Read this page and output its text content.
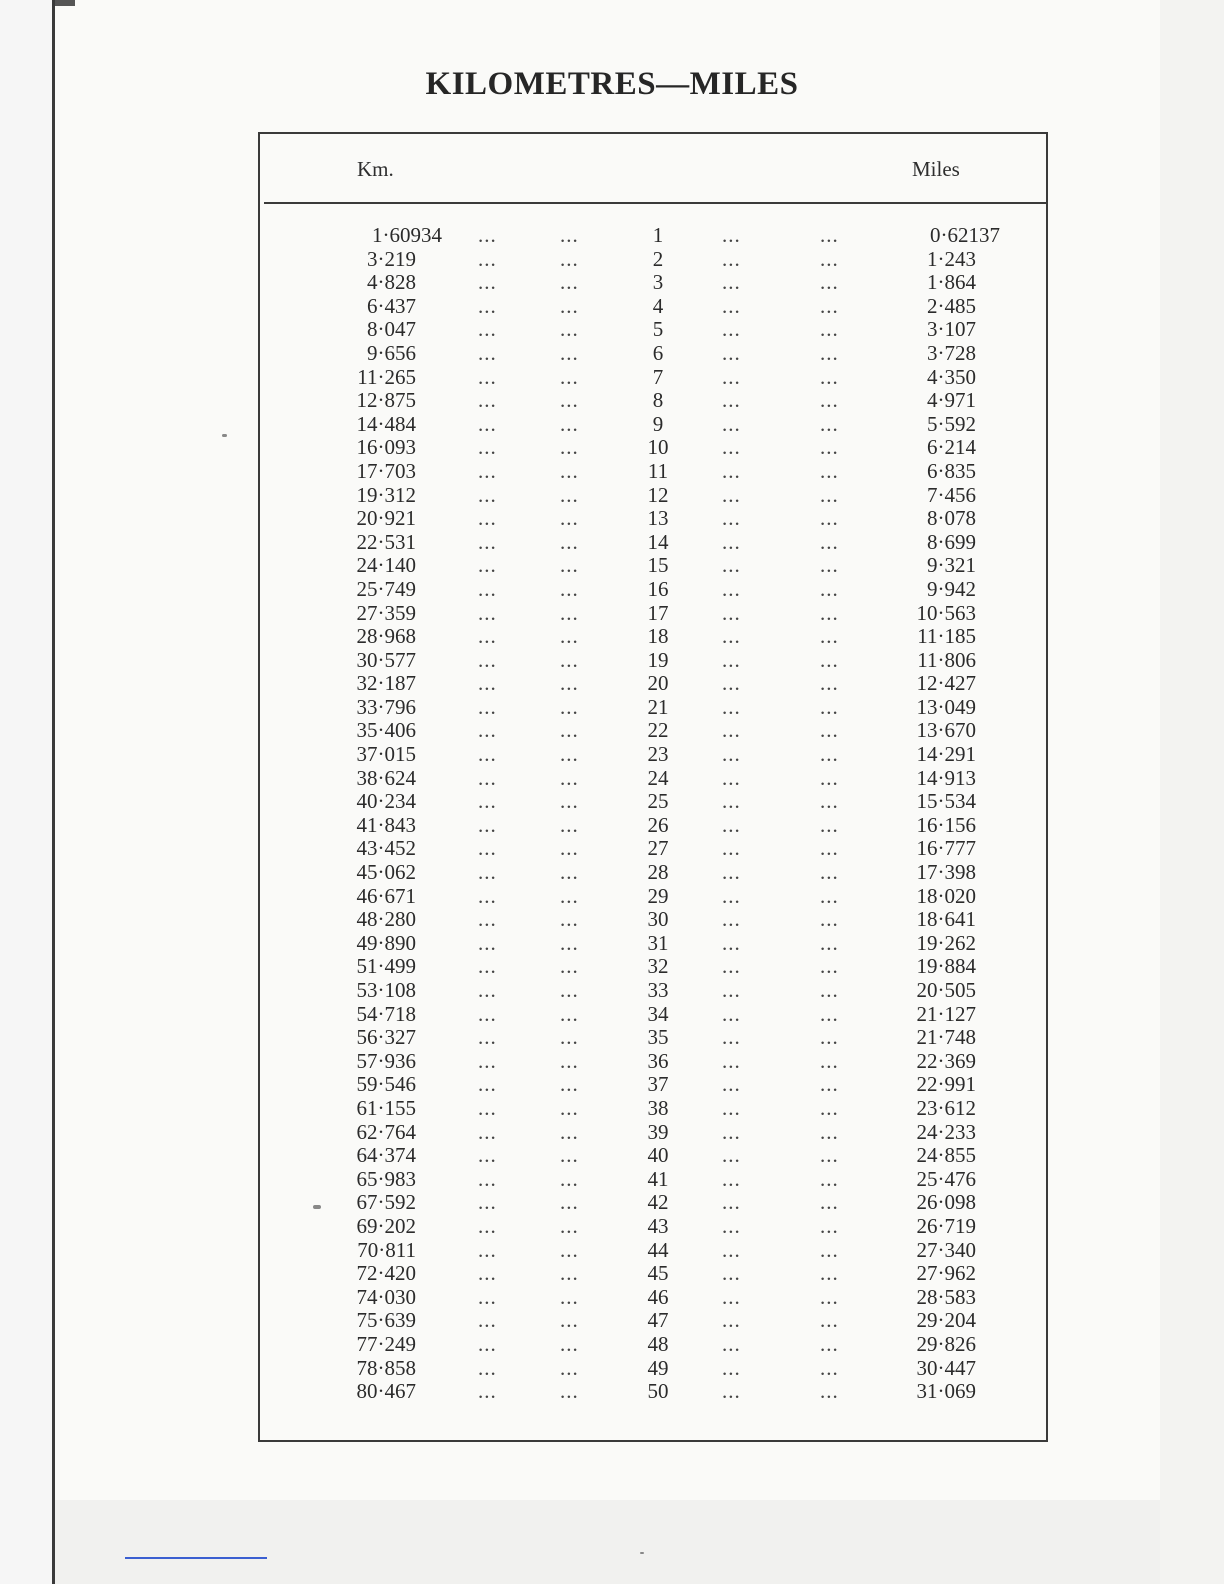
KILOMETRES—MILES
Km.	Miles
1·60934 ...	...	1	...	...	0·62137
3·219	...	...	2	...	...	1·243
4·828	...	...	3	...	...	1·864
6·437	...	...	4	...	...	2·485
8·047	...	...	5	...	...	3·107
9·656	...	...	6	...	...	3·728
11·265	...	...	7	...	...	4·350
12·875	...	...	8	...	...	4·971
14·484	...	...	9	...	...	5·592
16·093	...	...	10	...	...	6·214
17·703	...	...	11	...	...	6·835
19·312	...	...	12	...	...	7·456
20·921	...	...	13	...	...	8·078
22·531	...	...	14	...	...	8·699
24·140	...	...	15	...	...	9·321
25·749	...	...	16	...	...	9·942
27·359	...	...	17	...	...	10·563
28·968	...	...	18	...	...	11·185
30·577	...	...	19	...	...	11·806
32·187	...	...	20	...	...	12·427
33·796	...	...	21	...	...	13·049
35·406	...	...	22	...	...	13·670
37·015	...	...	23	...	...	14·291
38·624	...	...	24	...	...	14·913
40·234	...	...	25	...	...	15·534
41·843	...	...	26	...	...	16·156
43·452	...	...	27	...	...	16·777
45·062	...	...	28	...	...	17·398
46·671	...	...	29	...	...	18·020
48·280	...	...	30	...	...	18·641
49·890	...	...	31	...	...	19·262
51·499	...	...	32	...	...	19·884
53·108	...	...	33	...	...	20·505
54·718	...	...	34	...	...	21·127
56·327	...	...	35	...	...	21·748
57·936	...	...	36	...	...	22·369
59·546	...	...	37	...	...	22·991
61·155	...	...	38	...	...	23·612
62·764	...	...	39	...	...	24·233
64·374	...	...	40	...	...	24·855
65·983	...	...	41	...	...	25·476
67·592	...	...	42	...	...	26·098
69·202	...	...	43	...	...	26·719
70·811	...	...	44	...	...	27·340
72·420	...	...	45	...	...	27·962
74·030	...	...	46	...	...	28·583
75·639	...	...	47	...	...	29·204
77·249	...	...	48	...	...	29·826
78·858	...	...	49	...	...	30·447
80·467	...	...	50	...	...	31·069
